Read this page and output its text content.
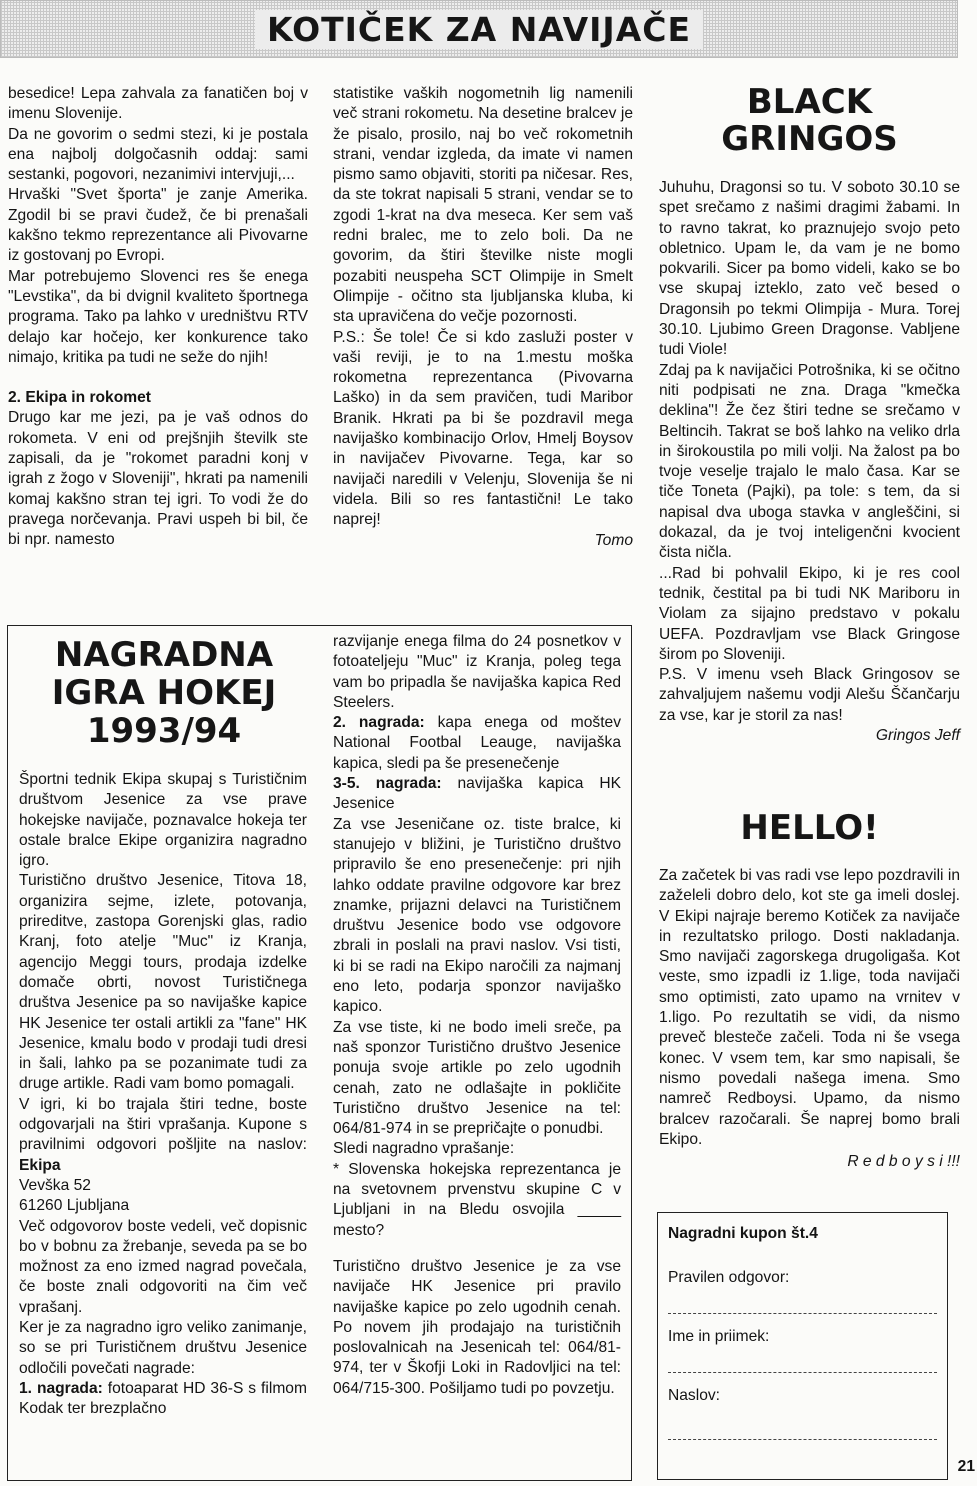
KOTIČEK ZA NAVIJAČE

besedice! Lepa zahvala za fanatičen boj v imenu Slovenije.

Da ne govorim o sedmi stezi, ki je postala ena najbolj dolgočasnih oddaj: sami sestanki, pogovori, nezanimivi intervjuji,...

Hrvaški "Svet športa" je zanje Amerika. Zgodil bi se pravi čudež, če bi prenašali kakšno tekmo reprezentance ali Pivovarne iz gostovanj po Evropi.

Mar potrebujemo Slovenci res še enega "Levstika", da bi dvignil kvaliteto športnega programa. Tako pa lahko v uredništvu RTV delajo kar hočejo, ker konkurence tako nimajo, kritika pa tudi ne seže do njih!

2. Ekipa in rokomet

Drugo kar me jezi, pa je vaš odnos do rokometa. V eni od prejšnjih številk ste zapisali, da je "rokomet paradni konj v igrah z žogo v Sloveniji", hkrati pa namenili komaj kakšno stran tej igri. To vodi že do pravega norčevanja. Pravi uspeh bi bil, če bi npr. namesto

statistike vaških nogometnih lig namenili več strani rokometu. Na desetine bralcev je že pisalo, prosilo, naj bo več rokometnih strani, vendar izgleda, da imate vi namen pismo samo objaviti, storiti pa ničesar. Res, da ste tokrat napisali 5 strani, vendar se to zgodi 1-krat na dva meseca. Ker sem vaš redni bralec, me to zelo boli. Da ne govorim, da štiri številke niste mogli pozabiti neuspeha SCT Olimpije in Smelt Olimpije - očitno sta ljubljanska kluba, ki sta upravičena do večje pozornosti.

P.S.: Še tole! Če si kdo zasluži poster v vaši reviji, je to na 1.mestu moška rokometna reprezentanca (Pivovarna Laško) in da sem pravičen, tudi Maribor Branik. Hkrati pa bi še pozdravil mega navijaško kombinacijo Orlov, Hmelj Boysov in navijačev Pivovarne. Tega, kar so navijači naredili v Velenju, Slovenija še ni videla. Bili so res fantastični! Le tako naprej!

Tomo

NAGRADNA
IGRA HOKEJ
1993/94

Športni tednik Ekipa skupaj s Turističnim društvom Jesenice za vse prave hokejske navijače, poznavalce hokeja ter ostale bralce Ekipe organizira nagradno igro.

Turistično društvo Jesenice, Titova 18, organizira sejme, izlete, potovanja, prireditve, zastopa Gorenjski glas, radio Kranj, foto atelje "Muc" iz Kranja, agencijo Meggi tours, prodaja izdelke domače obrti, novost Turističnega društva Jesenice pa so navijaške kapice HK Jesenice ter ostali artikli za "fane" HK Jesenice, kmalu bodo v prodaji tudi dresi in šali, lahko pa se pozanimate tudi za druge artikle. Radi vam bomo pomagali.

V igri, ki bo trajala štiri tedne, boste odgovarjali na štiri vprašanja. Kupone s pravilnimi odgovori pošljite na naslov: Ekipa

Vevška 52

61260 Ljubljana

Več odgovorov boste vedeli, več dopisnic bo v bobnu za žrebanje, seveda pa se bo možnost za eno izmed nagrad povečala, če boste znali odgovoriti na čim več vprašanj.

Ker je za nagradno igro veliko zanimanje, so se pri Turističnem društvu Jesenice odločili povečati nagrade:

1. nagrada: fotoaparat HD 36-S s filmom Kodak ter brezplačno

razvijanje enega filma do 24 posnetkov v fotoateljeju "Muc" iz Kranja, poleg tega vam bo pripadla še navijaška kapica Red Steelers.

2. nagrada: kapa enega od moštev National Footbal Leauge, navijaška kapica, sledi pa še presenečenje

3-5. nagrada: navijaška kapica HK Jesenice

Za vse Jeseničane oz. tiste bralce, ki stanujejo v bližini, je Turistično društvo pripravilo še eno presenečenje: pri njih lahko oddate pravilne odgovore kar brez znamke, prijazni delavci na Turističnem društvu Jesenice bodo vse odgovore zbrali in poslali na pravi naslov. Vsi tisti, ki bi se radi na Ekipo naročili za najmanj eno leto, podarja sponzor navijaško kapico.

Za vse tiste, ki ne bodo imeli sreče, pa naš sponzor Turistično društvo Jesenice ponuja svoje artikle po zelo ugodnih cenah, zato ne odlašajte in pokličite Turistično društvo Jesenice na tel: 064/81-974 in se prepričajte o ponudbi.

Sledi nagradno vprašanje:

* Slovenska hokejska reprezentanca je na svetovnem prvenstvu skupine C v Ljubljani in na Bledu osvojila _____ mesto?

Turistično društvo Jesenice je za vse navijače HK Jesenice pri pravilo navijaške kapice po zelo ugodnih cenah. Po novem jih prodajajo na turističnih poslovalnicah na Jesenicah tel: 064/81- 974, ter v Škofji Loki in Radovljici na tel: 064/715-300. Pošiljamo tudi po povzetju.

BLACK
GRINGOS

Juhuhu, Dragonsi so tu. V soboto 30.10 se spet srečamo z našimi dragimi žabami. In to ravno takrat, ko praznujejo svojo peto obletnico. Upam le, da vam je ne bomo pokvarili. Sicer pa bomo videli, kako se bo vse skupaj izteklo, zato več besed o Dragonsih po tekmi Olimpija - Mura. Torej 30.10. Ljubimo Green Dragonse. Vabljene tudi Viole!

Zdaj pa k navijačici Potrošnika, ki se očitno niti podpisati ne zna. Draga "kmečka deklina"! Že čez štiri tedne se srečamo v Beltincih. Takrat se boš lahko na veliko drla in širokoustila po mili volji. Na žalost pa bo tvoje veselje trajalo le malo časa. Kar se tiče Toneta (Pajki), pa tole: s tem, da si napisal dva uboga stavka v angleščini, si dokazal, da je tvoj inteligenčni kvocient čista ničla.

...Rad bi pohvalil Ekipo, ki je res cool tednik, čestital pa bi tudi NK Mariboru in Violam za sijajno predstavo v pokalu UEFA. Pozdravljam vse Black Gringose širom po Sloveniji.

P.S. V imenu vseh Black Gringosov se zahvaljujem našemu vodji Alešu Ščančarju za vse, kar je storil za nas!

Gringos Jeff

HELLO!

Za začetek bi vas radi vse lepo pozdravili in zaželeli dobro delo, kot ste ga imeli doslej. V Ekipi najraje beremo Kotiček za navijače in rezultatsko prilogo. Dosti nakladanja. Smo navijači zagorskega drugoligaša. Kot veste, smo izpadli iz 1.lige, toda navijači smo optimisti, zato upamo na vrnitev v 1.ligo. Po rezultatih se vidi, da nismo preveč blesteče začeli. Toda ni še vsega konec. V vsem tem, kar smo napisali, še nismo povedali našega imena. Smo namreč Redboysi. Upamo, da nismo bralcev razočarali. Še naprej bomo brali Ekipo.

R e d b o y s i !!!

Nagradni kupon št.4
Pravilen odgovor:
Ime in priimek:
Naslov:
21
